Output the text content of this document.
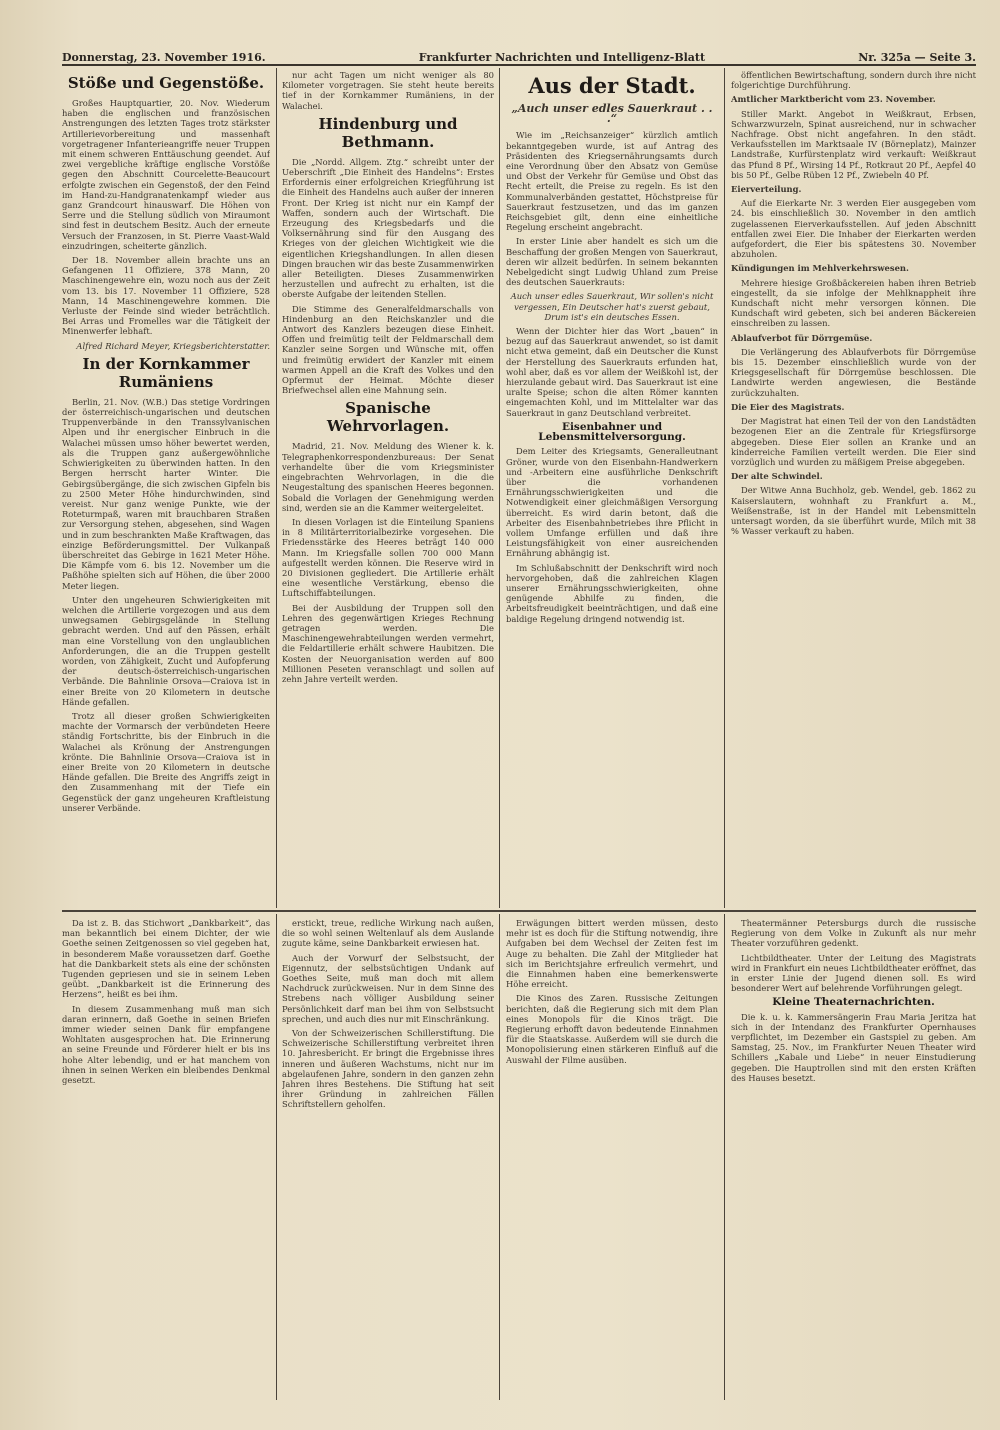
Donnerstag, 23. November 1916.	Frankfurter Nachrichten und Intelligenz-Blatt	Nr. 325a — Seite 3.
Stöße und Gegenstöße.

Großes Hauptquartier, 20. Nov. Wiederum haben die englischen und französischen Anstrengungen des letzten Tages trotz stärkster Artillerievorbereitung und massenhaft vorgetragener Infanterieangriffe neuer Truppen mit einem schweren Enttäuschung geendet. Auf zwei vergebliche kräftige englische Vorstöße gegen den Abschnitt Courcelette-Beaucourt erfolgte zwischen ein Gegenstoß, der den Feind im Hand-zu-Handgranatenkampf wieder aus ganz Grandcourt hinauswarf. Die Höhen von Serre und die Stellung südlich von Miraumont sind fest in deutschem Besitz. Auch der erneute Versuch der Franzosen, in St. Pierre Vaast-Wald einzudringen, scheiterte gänzlich.

Der 18. November allein brachte uns an Gefangenen 11 Offiziere, 378 Mann, 20 Maschinengewehre ein, wozu noch aus der Zeit vom 13. bis 17. November 11 Offiziere, 528 Mann, 14 Maschinengewehre kommen. Die Verluste der Feinde sind wieder beträchtlich. Bei Arras und Fromelles war die Tätigkeit der Minenwerfer lebhaft.

Alfred Richard Meyer, Kriegsberichterstatter.

In der Kornkammer Rumäniens

Berlin, 21. Nov. (W.B.) Das stetige Vordringen der österreichisch-ungarischen und deutschen Truppenverbände in den Transsylvanischen Alpen und ihr energischer Einbruch in die Walachei müssen umso höher bewertet werden, als die Truppen ganz außergewöhnliche Schwierigkeiten zu überwinden hatten. In den Bergen herrscht harter Winter. Die Gebirgsübergänge, die sich zwischen Gipfeln bis zu 2500 Meter Höhe hindurchwinden, sind vereist. Nur ganz wenige Punkte, wie der Roteturmpaß, waren mit brauchbaren Straßen zur Versorgung stehen, abgesehen, sind Wagen und in zum beschrankten Maße Kraftwagen, das einzige Beförderungsmittel. Der Vulkanpaß überschreitet das Gebirge in 1621 Meter Höhe. Die Kämpfe vom 6. bis 12. November um die Paßhöhe spielten sich auf Höhen, die über 2000 Meter liegen.

Unter den ungeheuren Schwierigkeiten mit welchen die Artillerie vorgezogen und aus dem unwegsamen Gebirgsgelände in Stellung gebracht werden. Und auf den Pässen, erhält man eine Vorstellung von den unglaublichen Anforderungen, die an die Truppen gestellt worden, von Zähigkeit, Zucht und Aufopferung der deutsch-österreichisch-ungarischen Verbände. Die Bahnlinie Orsova—Craiova ist in einer Breite von 20 Kilometern in deutsche Hände gefallen.

Trotz all dieser großen Schwierigkeiten machte der Vormarsch der verbündeten Heere ständig Fortschritte, bis der Einbruch in die Walachei als Krönung der Anstrengungen krönte. Die Bahnlinie Orsova—Craiova ist in einer Breite von 20 Kilometern in deutsche Hände gefallen. Die Breite des Angriffs zeigt in den Zusammenhang mit der Tiefe ein Gegenstück der ganz ungeheuren Kraftleistung unserer Verbände.

nur acht Tagen um nicht weniger als 80 Kilometer vorgetragen. Sie steht heute bereits tief in der Kornkammer Rumäniens, in der Walachei.

Hindenburg und Bethmann.

Die „Nordd. Allgem. Ztg.“ schreibt unter der Ueberschrift „Die Einheit des Handelns“: Erstes Erfordernis einer erfolgreichen Kriegführung ist die Einheit des Handelns auch außer der inneren Front. Der Krieg ist nicht nur ein Kampf der Waffen, sondern auch der Wirtschaft. Die Erzeugung des Kriegsbedarfs und die Volksernährung sind für den Ausgang des Krieges von der gleichen Wichtigkeit wie die eigentlichen Kriegshandlungen. In allen diesen Dingen brauchen wir das beste Zusammenwirken aller Beteiligten. Dieses Zusammenwirken herzustellen und aufrecht zu erhalten, ist die oberste Aufgabe der leitenden Stellen.

Die Stimme des Generalfeldmarschalls von Hindenburg an den Reichskanzler und die Antwort des Kanzlers bezeugen diese Einheit. Offen und freimütig teilt der Feldmarschall dem Kanzler seine Sorgen und Wünsche mit, offen und freimütig erwidert der Kanzler mit einem warmen Appell an die Kraft des Volkes und den Opfermut der Heimat. Möchte dieser Briefwechsel allen eine Mahnung sein.

Spanische Wehrvorlagen.

Madrid, 21. Nov. Meldung des Wiener k. k. Telegraphenkorrespondenzbureaus: Der Senat verhandelte über die vom Kriegsminister eingebrachten Wehrvorlagen, in die die Neugestaltung des spanischen Heeres begonnen. Sobald die Vorlagen der Genehmigung werden sind, werden sie an die Kammer weitergeleitet.

In diesen Vorlagen ist die Einteilung Spaniens in 8 Militärterritorialbezirke vorgesehen. Die Friedensstärke des Heeres beträgt 140 000 Mann. Im Kriegsfalle sollen 700 000 Mann aufgestellt werden können. Die Reserve wird in 20 Divisionen gegliedert. Die Artillerie erhält eine wesentliche Verstärkung, ebenso die Luftschiffabteilungen.

Bei der Ausbildung der Truppen soll den Lehren des gegenwärtigen Krieges Rechnung getragen werden. Die Maschinengewehrabteilungen werden vermehrt, die Feldartillerie erhält schwere Haubitzen. Die Kosten der Neuorganisation werden auf 800 Millionen Peseten veranschlagt und sollen auf zehn Jahre verteilt werden.

Aus der Stadt.

„Auch unser edles Sauerkraut . . .“

Wie im „Reichsanzeiger“ kürzlich amtlich bekanntgegeben wurde, ist auf Antrag des Präsidenten des Kriegsernährungsamts durch eine Verordnung über den Absatz von Gemüse und Obst der Verkehr für Gemüse und Obst das Recht erteilt, die Preise zu regeln. Es ist den Kommunalverbänden gestattet, Höchstpreise für Sauerkraut festzusetzen, und das im ganzen Reichsgebiet gilt, denn eine einheitliche Regelung erscheint angebracht.

In erster Linie aber handelt es sich um die Beschaffung der großen Mengen von Sauerkraut, deren wir allzeit bedürfen. In seinem bekannten Nebelgedicht singt Ludwig Uhland zum Preise des deutschen Sauerkrauts:

Auch unser edles Sauerkraut, Wir sollen's nicht vergessen, Ein Deutscher hat's zuerst gebaut, Drum ist's ein deutsches Essen.

Wenn der Dichter hier das Wort „bauen“ in bezug auf das Sauerkraut anwendet, so ist damit nicht etwa gemeint, daß ein Deutscher die Kunst der Herstellung des Sauerkrauts erfunden hat, wohl aber, daß es vor allem der Weißkohl ist, der hierzulande gebaut wird. Das Sauerkraut ist eine uralte Speise; schon die alten Römer kannten eingemachten Kohl, und im Mittelalter war das Sauerkraut in ganz Deutschland verbreitet.

Eisenbahner und Lebensmittelversorgung.

Dem Leiter des Kriegsamts, Generalleutnant Gröner, wurde von den Eisenbahn-Handwerkern und -Arbeitern eine ausführliche Denkschrift über die vorhandenen Ernährungsschwierigkeiten und die Notwendigkeit einer gleichmäßigen Versorgung überreicht. Es wird darin betont, daß die Arbeiter des Eisenbahnbetriebes ihre Pflicht in vollem Umfange erfüllen und daß ihre Leistungsfähigkeit von einer ausreichenden Ernährung abhängig ist.

Im Schlußabschnitt der Denkschrift wird noch hervorgehoben, daß die zahlreichen Klagen unserer Ernährungsschwierigkeiten, ohne genügende Abhilfe zu finden, die Arbeitsfreudigkeit beeinträchtigen, und daß eine baldige Regelung dringend notwendig ist.

öffentlichen Bewirtschaftung, sondern durch ihre nicht folgerichtige Durchführung.

Amtlicher Marktbericht vom 23. November.

Stiller Markt. Angebot in Weißkraut, Erbsen, Schwarzwurzeln, Spinat ausreichend, nur in schwacher Nachfrage. Obst nicht angefahren. In den städt. Verkaufsstellen im Marktsaale IV (Börneplatz), Mainzer Landstraße, Kurfürstenplatz wird verkauft: Weißkraut das Pfund 8 Pf., Wirsing 14 Pf., Rotkraut 20 Pf., Aepfel 40 bis 50 Pf., Gelbe Rüben 12 Pf., Zwiebeln 40 Pf.

Eierverteilung.

Auf die Eierkarte Nr. 3 werden Eier ausgegeben vom 24. bis einschließlich 30. November in den amtlich zugelassenen Eierverkaufsstellen. Auf jeden Abschnitt entfallen zwei Eier. Die Inhaber der Eierkarten werden aufgefordert, die Eier bis spätestens 30. November abzuholen.

Kündigungen im Mehlverkehrswesen.

Mehrere hiesige Großbäckereien haben ihren Betrieb eingestellt, da sie infolge der Mehlknappheit ihre Kundschaft nicht mehr versorgen können. Die Kundschaft wird gebeten, sich bei anderen Bäckereien einschreiben zu lassen.

Ablaufverbot für Dörrgemüse.

Die Verlängerung des Ablaufverbots für Dörrgemüse bis 15. Dezember einschließlich wurde von der Kriegsgesellschaft für Dörrgemüse beschlossen. Die Landwirte werden angewiesen, die Bestände zurückzuhalten.

Die Eier des Magistrats.

Der Magistrat hat einen Teil der von den Landstädten bezogenen Eier an die Zentrale für Kriegsfürsorge abgegeben. Diese Eier sollen an Kranke und an kinderreiche Familien verteilt werden. Die Eier sind vorzüglich und wurden zu mäßigem Preise abgegeben.

Der alte Schwindel.

Der Witwe Anna Buchholz, geb. Wendel, geb. 1862 zu Kaiserslautern, wohnhaft zu Frankfurt a. M., Weißenstraße, ist in der Handel mit Lebensmitteln untersagt worden, da sie überführt wurde, Milch mit 38 % Wasser verkauft zu haben.

Da ist z. B. das Stichwort „Dankbarkeit“, das man bekanntlich bei einem Dichter, der wie Goethe seinen Zeitgenossen so viel gegeben hat, in besonderem Maße voraussetzen darf. Goethe hat die Dankbarkeit stets als eine der schönsten Tugenden gepriesen und sie in seinem Leben geübt. „Dankbarkeit ist die Erinnerung des Herzens“, heißt es bei ihm.

In diesem Zusammenhang muß man sich daran erinnern, daß Goethe in seinen Briefen immer wieder seinen Dank für empfangene Wohltaten ausgesprochen hat. Die Erinnerung an seine Freunde und Förderer hielt er bis ins hohe Alter lebendig, und er hat manchem von ihnen in seinen Werken ein bleibendes Denkmal gesetzt.

erstickt, treue, redliche Wirkung nach außen, die so wohl seinen Weltenlauf als dem Auslande zugute käme, seine Dankbarkeit erwiesen hat.

Auch der Vorwurf der Selbstsucht, der Eigennutz, der selbstsüchtigen Undank auf Goethes Seite, muß man doch mit allem Nachdruck zurückweisen. Nur in dem Sinne des Strebens nach völliger Ausbildung seiner Persönlichkeit darf man bei ihm von Selbstsucht sprechen, und auch dies nur mit Einschränkung.

Von der Schweizerischen Schillerstiftung. Die Schweizerische Schillerstiftung verbreitet ihren 10. Jahresbericht. Er bringt die Ergebnisse ihres inneren und äußeren Wachstums, nicht nur im abgelaufenen Jahre, sondern in den ganzen zehn Jahren ihres Bestehens. Die Stiftung hat seit ihrer Gründung in zahlreichen Fällen Schriftstellern geholfen.

Erwägungen bittert werden müssen, desto mehr ist es doch für die Stiftung notwendig, ihre Aufgaben bei dem Wechsel der Zeiten fest im Auge zu behalten. Die Zahl der Mitglieder hat sich im Berichtsjahre erfreulich vermehrt, und die Einnahmen haben eine bemerkenswerte Höhe erreicht.

Die Kinos des Zaren. Russische Zeitungen berichten, daß die Regierung sich mit dem Plan eines Monopols für die Kinos trägt. Die Regierung erhofft davon bedeutende Einnahmen für die Staatskasse. Außerdem will sie durch die Monopolisierung einen stärkeren Einfluß auf die Auswahl der Filme ausüben.

Theatermänner Petersburgs durch die russische Regierung von dem Volke in Zukunft als nur mehr Theater vorzuführen gedenkt.

Lichtbildtheater. Unter der Leitung des Magistrats wird in Frankfurt ein neues Lichtbildtheater eröffnet, das in erster Linie der Jugend dienen soll. Es wird besonderer Wert auf belehrende Vorführungen gelegt.

Kleine Theaternachrichten.

Die k. u. k. Kammersängerin Frau Maria Jeritza hat sich in der Intendanz des Frankfurter Opernhauses verpflichtet, im Dezember ein Gastspiel zu geben. Am Samstag, 25. Nov., im Frankfurter Neuen Theater wird Schillers „Kabale und Liebe“ in neuer Einstudierung gegeben. Die Hauptrollen sind mit den ersten Kräften des Hauses besetzt.
